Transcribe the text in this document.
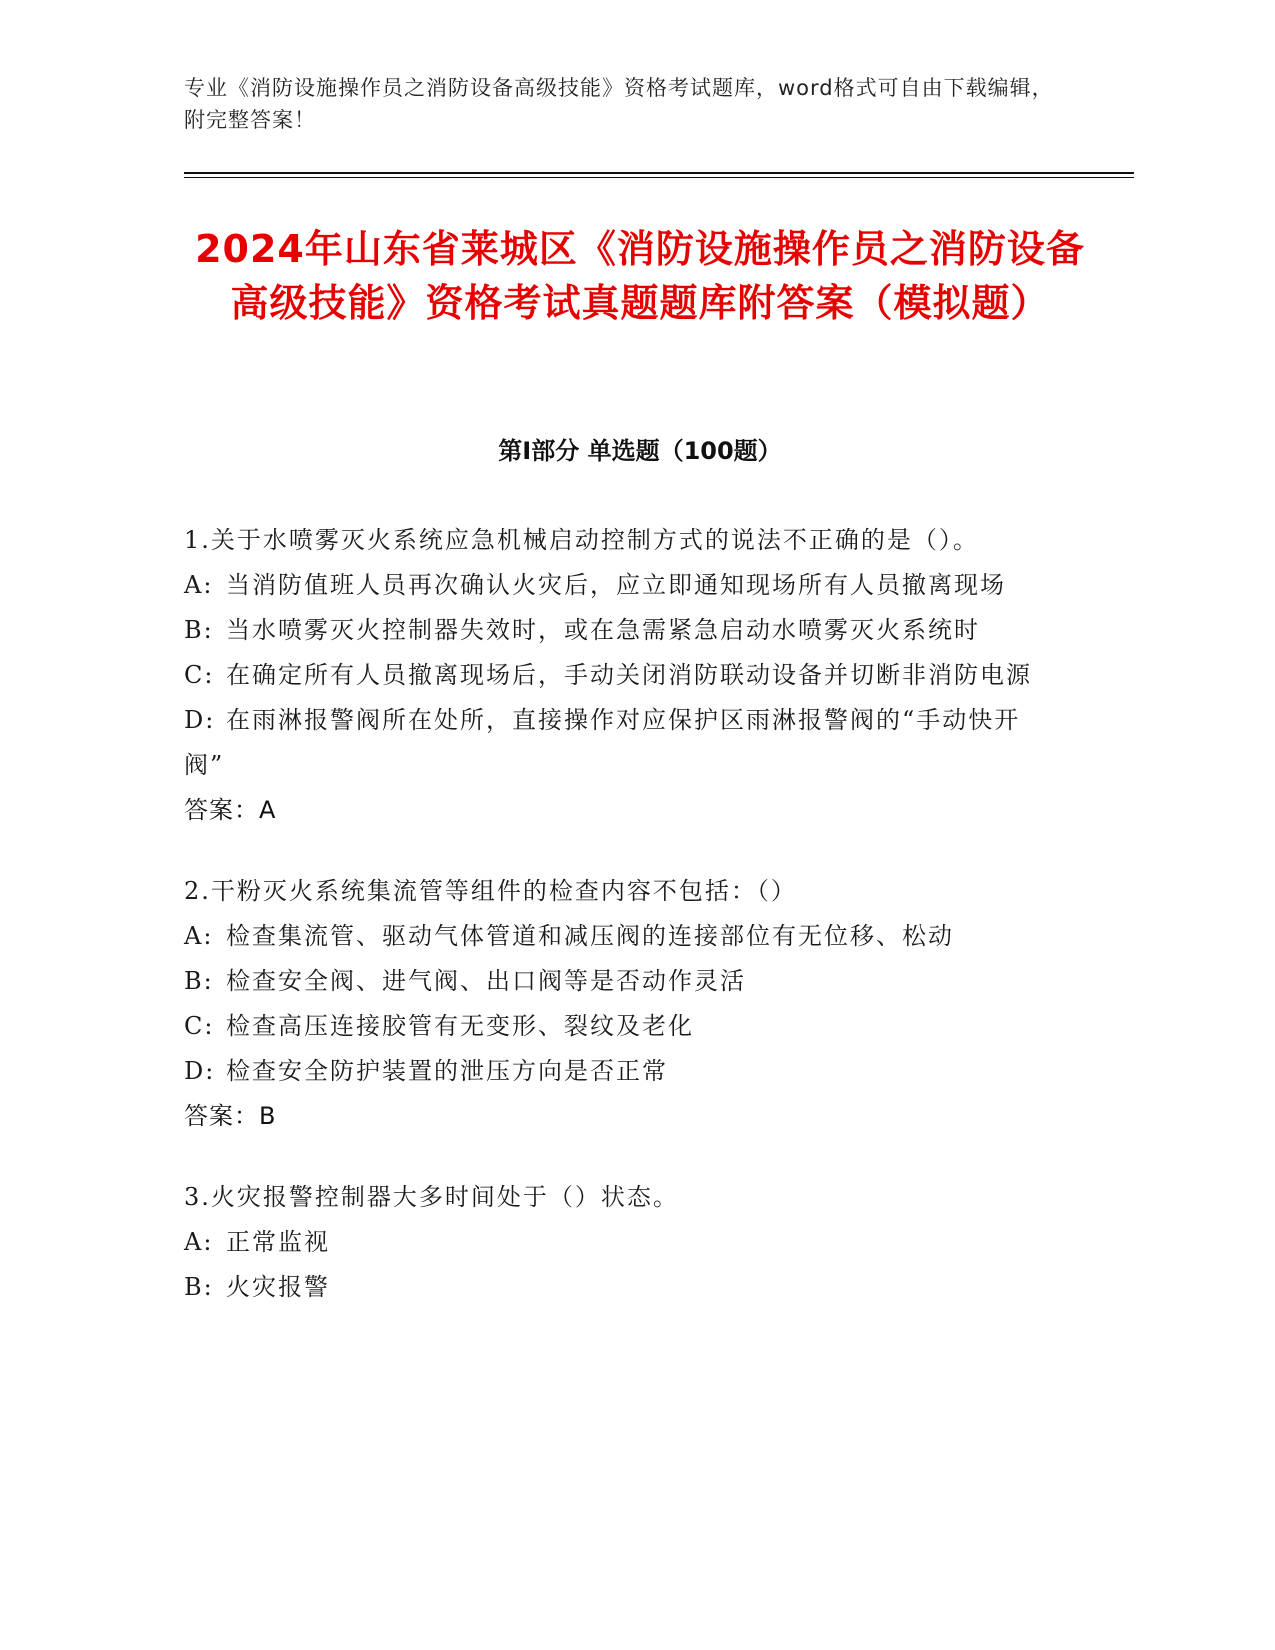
专业《消防设施操作员之消防设备高级技能》资格考试题库，word格式可自由下载编辑，附完整答案！
2024年山东省莱城区《消防设施操作员之消防设备高级技能》资格考试真题题库附答案（模拟题）
第I部分 单选题（100题）

1.关于水喷雾灭火系统应急机械启动控制方式的说法不正确的是（）。

A: 当消防值班人员再次确认火灾后，应立即通知现场所有人员撤离现场

B: 当水喷雾灭火控制器失效时，或在急需紧急启动水喷雾灭火系统时

C: 在确定所有人员撤离现场后，手动关闭消防联动设备并切断非消防电源

D: 在雨淋报警阀所在处所，直接操作对应保护区雨淋报警阀的“手动快开阀”

答案：A

2.干粉灭火系统集流管等组件的检查内容不包括：（）

A: 检查集流管、驱动气体管道和减压阀的连接部位有无位移、松动

B: 检查安全阀、进气阀、出口阀等是否动作灵活

C: 检查高压连接胶管有无变形、裂纹及老化

D: 检查安全防护装置的泄压方向是否正常

答案：B

3.火灾报警控制器大多时间处于（）状态。

A: 正常监视

B: 火灾报警
